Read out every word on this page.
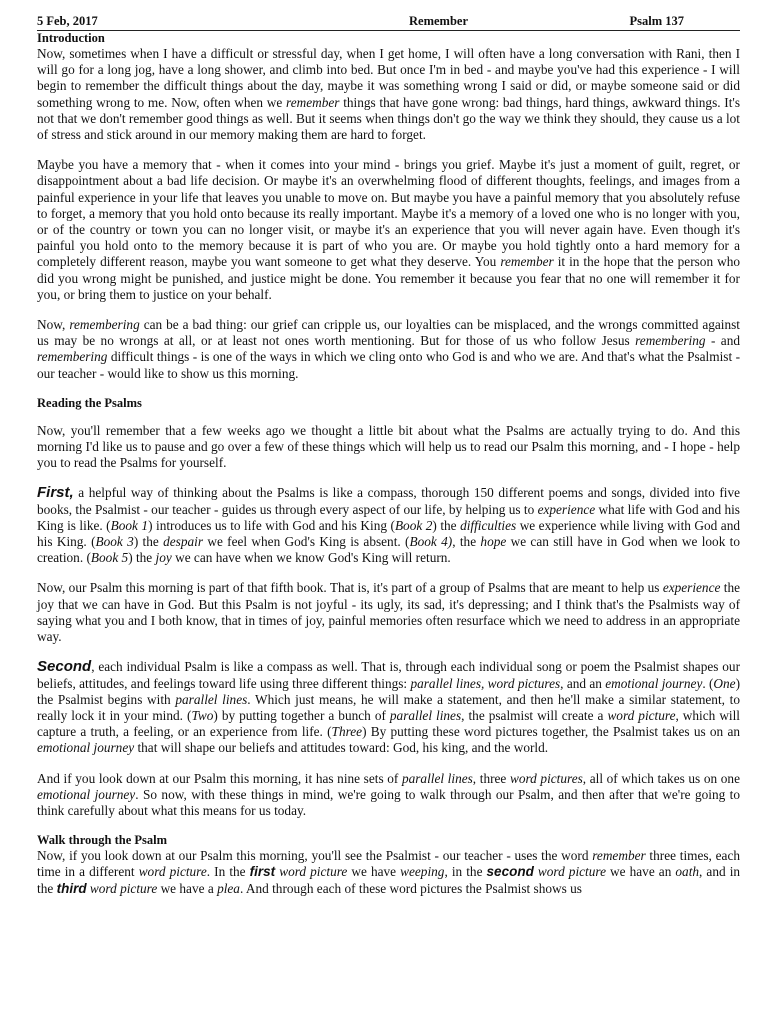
5 Feb, 2017	Remember	Psalm 137
Introduction

Now, sometimes when I have a difficult or stressful day, when I get home, I will often have a long conversation with Rani, then I will go for a long jog, have a long shower, and climb into bed. But once I'm in bed - and maybe you've had this experience - I will begin to remember the difficult things about the day, maybe it was something wrong I said or did, or maybe someone said or did something wrong to me. Now, often when we remember things that have gone wrong: bad things, hard things, awkward things. It's not that we don't remember good things as well. But it seems when things don't go the way we think they should, they cause us a lot of stress and stick around in our memory making them are hard to forget.

Maybe you have a memory that - when it comes into your mind - brings you grief. Maybe it's just a moment of guilt, regret, or disappointment about a bad life decision. Or maybe it's an overwhelming flood of different thoughts, feelings, and images from a painful experience in your life that leaves you unable to move on. But maybe you have a painful memory that you absolutely refuse to forget, a memory that you hold onto because its really important. Maybe it's a memory of a loved one who is no longer with you, or of the country or town you can no longer visit, or maybe it's an experience that you will never again have. Even though it's painful you hold onto to the memory because it is part of who you are. Or maybe you hold tightly onto a hard memory for a completely different reason, maybe you want someone to get what they deserve. You remember it in the hope that the person who did you wrong might be punished, and justice might be done. You remember it because you fear that no one will remember it for you, or bring them to justice on your behalf.

Now, remembering can be a bad thing: our grief can cripple us, our loyalties can be misplaced, and the wrongs committed against us may be no wrongs at all, or at least not ones worth mentioning. But for those of us who follow Jesus remembering - and remembering difficult things - is one of the ways in which we cling onto who God is and who we are. And that's what the Psalmist - our teacher - would like to show us this morning.

Reading the Psalms

Now, you'll remember that a few weeks ago we thought a little bit about what the Psalms are actually trying to do. And this morning I'd like us to pause and go over a few of these things which will help us to read our Psalm this morning, and - I hope - help you to read the Psalms for yourself.

First, a helpful way of thinking about the Psalms is like a compass, thorough 150 different poems and songs, divided into five books, the Psalmist - our teacher - guides us through every aspect of our life, by helping us to experience what life with God and his King is like. (Book 1) introduces us to life with God and his King (Book 2) the difficulties we experience while living with God and his King. (Book 3) the despair we feel when God's King is absent. (Book 4), the hope we can still have in God when we look to creation. (Book 5) the joy we can have when we know God's King will return.

Now, our Psalm this morning is part of that fifth book. That is, it's part of a group of Psalms that are meant to help us experience the joy that we can have in God. But this Psalm is not joyful - its ugly, its sad, it's depressing; and I think that's the Psalmists way of saying what you and I both know, that in times of joy, painful memories often resurface which we need to address in an appropriate way.

Second, each individual Psalm is like a compass as well. That is, through each individual song or poem the Psalmist shapes our beliefs, attitudes, and feelings toward life using three different things: parallel lines, word pictures, and an emotional journey. (One) the Psalmist begins with parallel lines. Which just means, he will make a statement, and then he'll make a similar statement, to really lock it in your mind. (Two) by putting together a bunch of parallel lines, the psalmist will create a word picture, which will capture a truth, a feeling, or an experience from life. (Three) By putting these word pictures together, the Psalmist takes us on an emotional journey that will shape our beliefs and attitudes toward: God, his king, and the world.

And if you look down at our Psalm this morning, it has nine sets of parallel lines, three word pictures, all of which takes us on one emotional journey. So now, with these things in mind, we're going to walk through our Psalm, and then after that we're going to think carefully about what this means for us today.

Walk through the Psalm

Now, if you look down at our Psalm this morning, you'll see the Psalmist - our teacher - uses the word remember three times, each time in a different word picture. In the first word picture we have weeping, in the second word picture we have an oath, and in the third word picture we have a plea. And through each of these word pictures the Psalmist shows us
